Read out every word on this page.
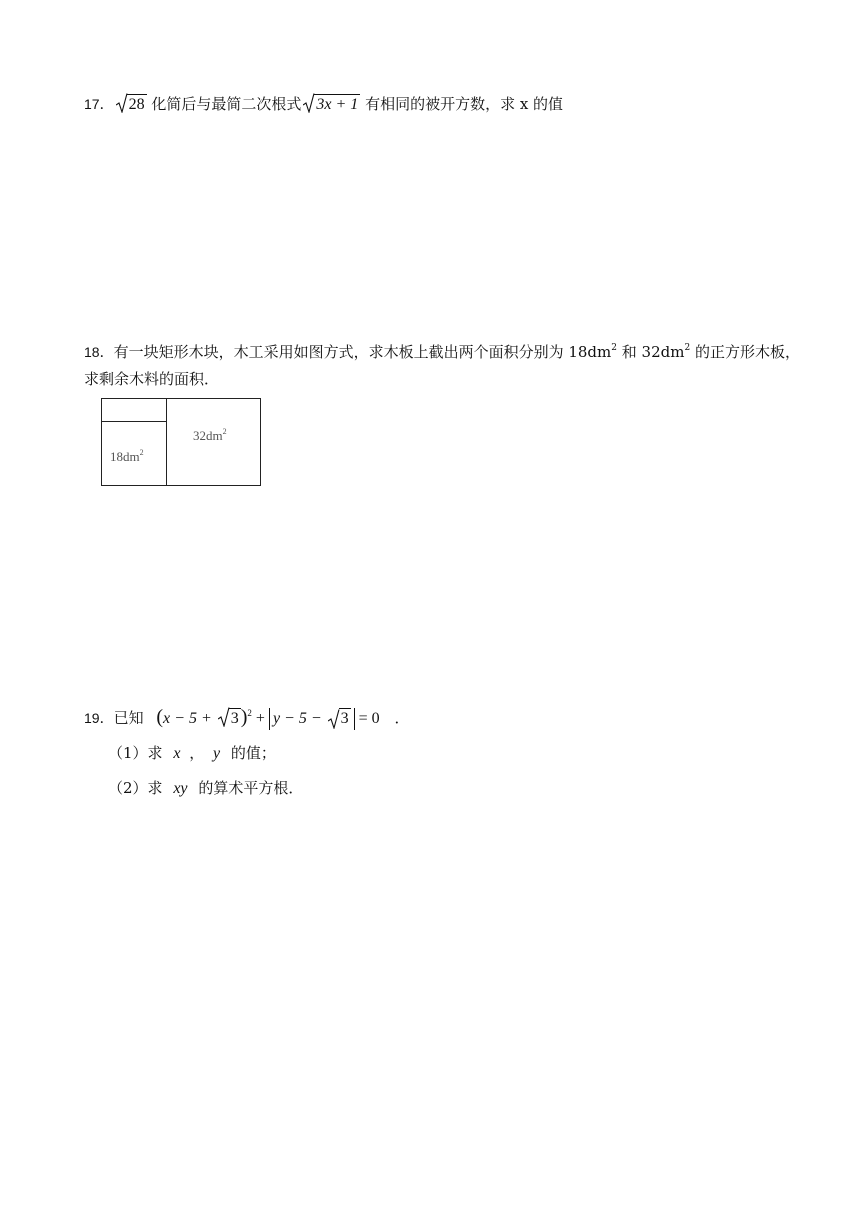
17． 28 化简后与最简二次根式 3x + 1 有相同的被开方数，求 x 的值
18．有一块矩形木块，木工采用如图方式，求木板上截出两个面积分别为 $18dm^2$ 和 $32dm^2$ 的正方形木板，
求剩余木料的面积．
$18dm^2$
$32dm^2$
19．已知 (x − 5 +
3 )$^2$ + y − 5 −
3 = 0 ．
（1）求 x ， y 的值；
（2）求 xy 的算术平方根．
